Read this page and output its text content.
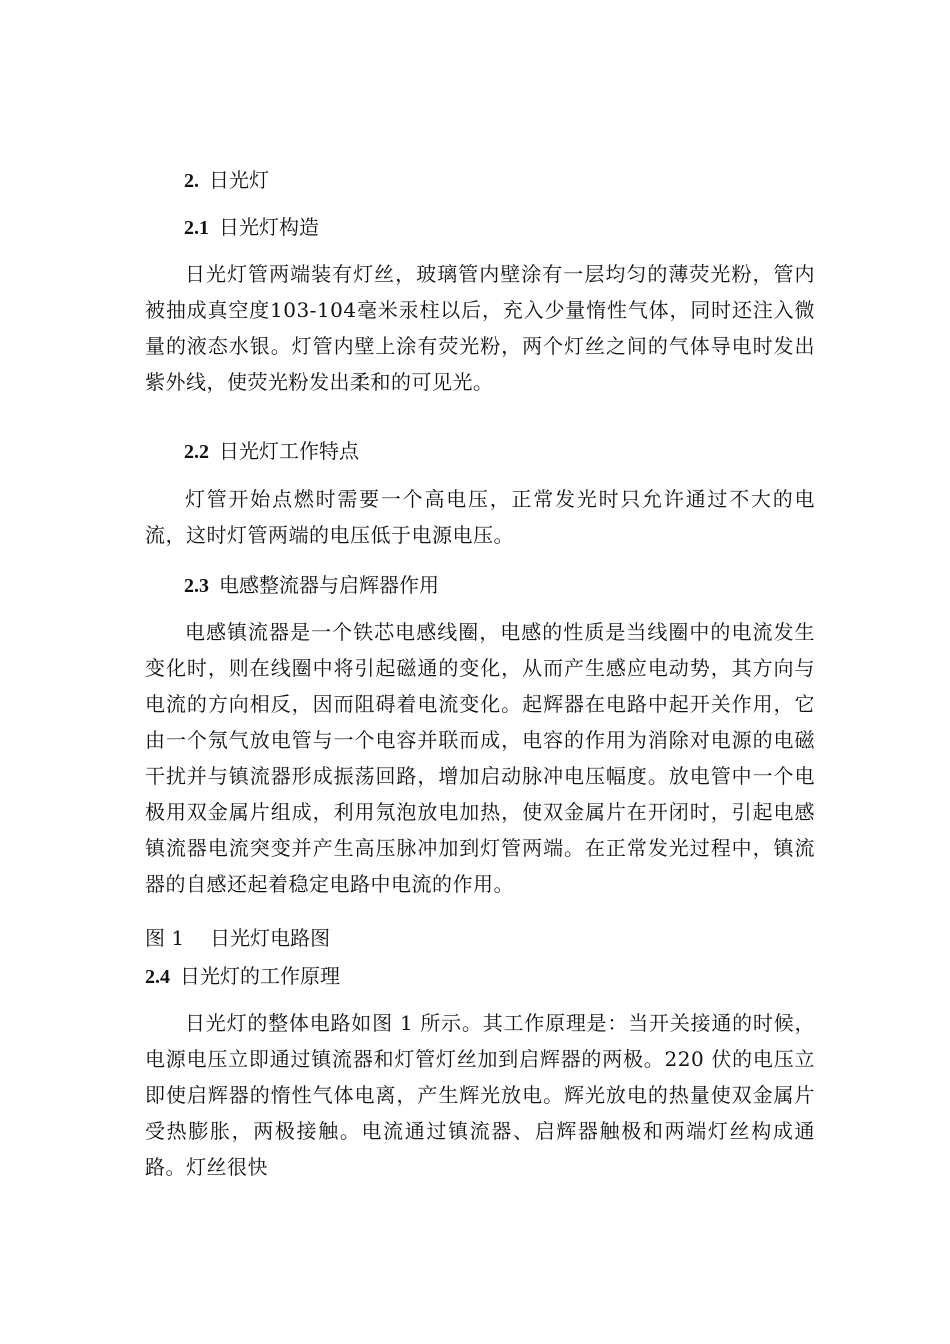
2. 日光灯
2.1 日光灯构造
日光灯管两端装有灯丝，玻璃管内壁涂有一层均匀的薄荧光粉，管内被抽成真空度103-104毫米汞柱以后，充入少量惰性气体，同时还注入微量的液态水银。灯管内壁上涂有荧光粉，两个灯丝之间的气体导电时发出紫外线，使荧光粉发出柔和的可见光。
2.2 日光灯工作特点
灯管开始点燃时需要一个高电压，正常发光时只允许通过不大的电流，这时灯管两端的电压低于电源电压。
2.3 电感整流器与启辉器作用
电感镇流器是一个铁芯电感线圈，电感的性质是当线圈中的电流发生变化时，则在线圈中将引起磁通的变化，从而产生感应电动势，其方向与电流的方向相反，因而阻碍着电流变化。起辉器在电路中起开关作用，它由一个氖气放电管与一个电容并联而成，电容的作用为消除对电源的电磁干扰并与镇流器形成振荡回路，增加启动脉冲电压幅度。放电管中一个电极用双金属片组成，利用氖泡放电加热，使双金属片在开闭时，引起电感镇流器电流突变并产生高压脉冲加到灯管两端。在正常发光过程中，镇流器的自感还起着稳定电路中电流的作用。
图 1 日光灯电路图
2.4 日光灯的工作原理
日光灯的整体电路如图 1 所示。其工作原理是：当开关接通的时候，电源电压立即通过镇流器和灯管灯丝加到启辉器的两极。220 伏的电压立即使启辉器的惰性气体电离，产生辉光放电。辉光放电的热量使双金属片受热膨胀，两极接触。电流通过镇流器、启辉器触极和两端灯丝构成通路。灯丝很快
